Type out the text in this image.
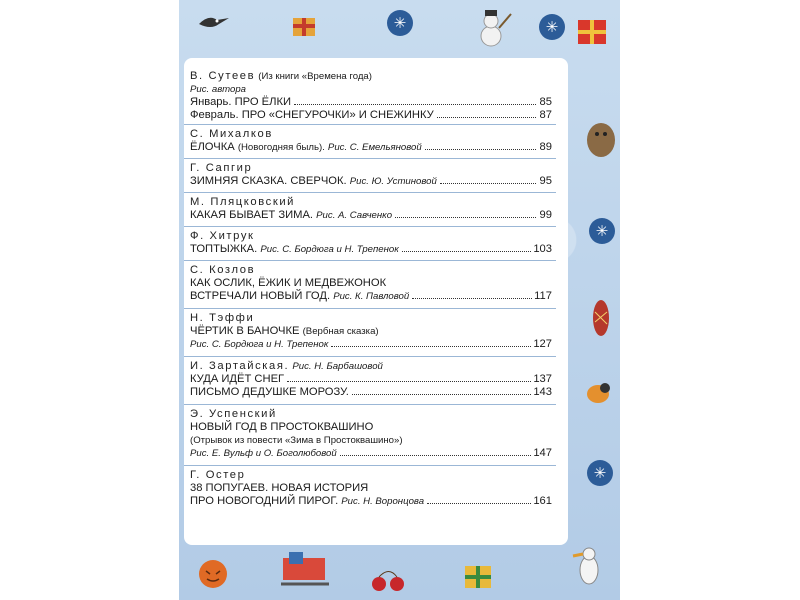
✳	✳
✳
✳
В. Сутеев
(Из книги «Времена года)
Рис. автора
Январь. ПРО ЁЛКИ	85
Февраль. ПРО «СНЕГУРОЧКИ» И СНЕЖИНКУ	87
С. Михалков
ЁЛОЧКА
(Новогодняя быль).
Рис. С. Емельяновой	89
Г. Сапгир
ЗИМНЯЯ СКАЗКА. СВЕРЧОК.
Рис. Ю. Устиновой	95
М. Пляцковский
КАКАЯ БЫВАЕТ ЗИМА.
Рис. А. Савченко	99
Ф. Хитрук
ТОПТЫЖКА.
Рис. С. Бордюга и Н. Трепенок	103
С. Козлов
КАК ОСЛИК, ЁЖИК И МЕДВЕЖОНОК
ВСТРЕЧАЛИ НОВЫЙ ГОД.
Рис. К. Павловой	117
Н. Тэффи
ЧЁРТИК В БАНОЧКЕ
(Вербная сказка)
Рис. С. Бордюга и Н. Трепенок	127
И. Зартайская.
Рис. Н. Барбашовой
КУДА ИДЁТ СНЕГ	137
ПИСЬМО ДЕДУШКЕ МОРОЗУ.	143
Э. Успенский
НОВЫЙ ГОД В ПРОСТОКВАШИНО
(Отрывок из повести «Зима в Простоквашино»)
Рис. Е. Вульф и О. Боголюбовой	147
Г. Остер
38 ПОПУГАЕВ. НОВАЯ ИСТОРИЯ
ПРО НОВОГОДНИЙ ПИРОГ.
Рис. Н. Воронцова	161
